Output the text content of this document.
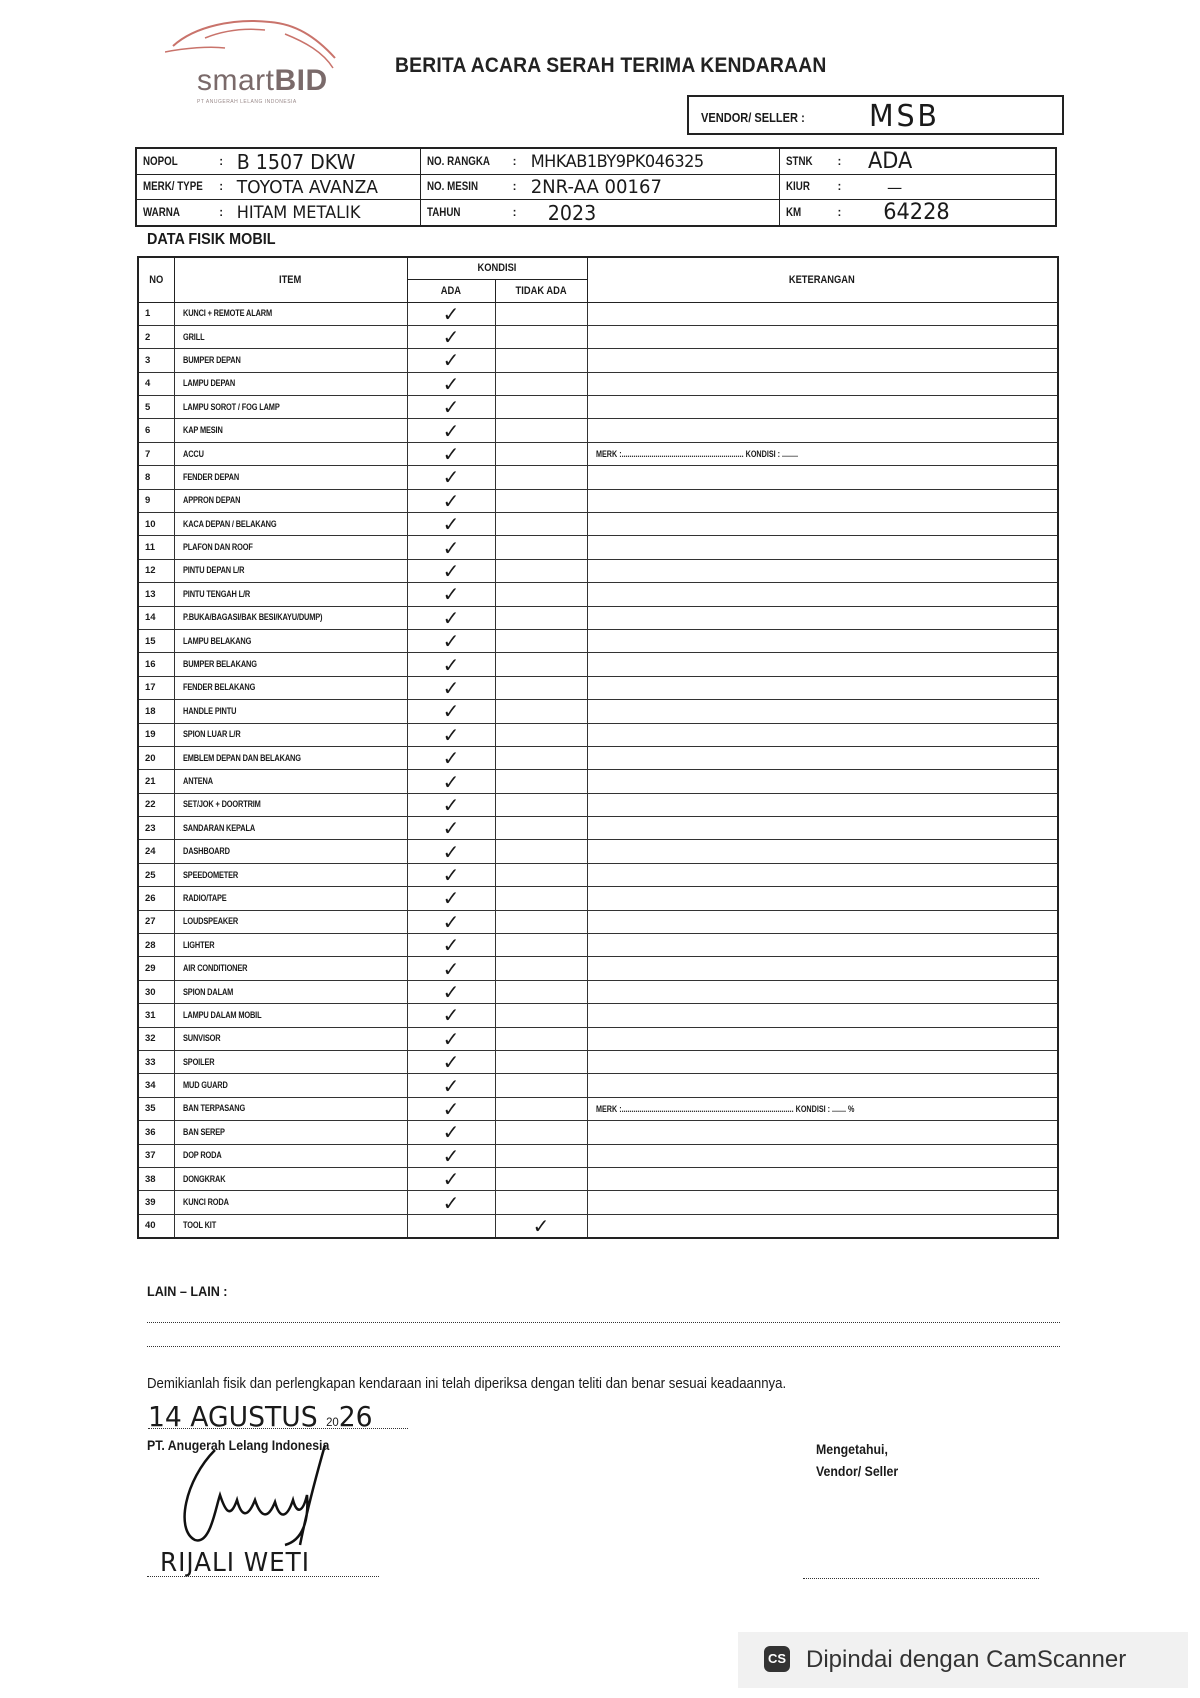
smartBID
PT ANUGERAH LELANG INDONESIA
BERITA ACARA SERAH TERIMA KENDARAAN
VENDOR/ SELLER : MSB
NOPOL	:	B 1507 DKW	NO. RANGKA	:	MHKAB1BY9PK046325	STNK	:	ADA
MERK/ TYPE	:	TOYOTA AVANZA	NO. MESIN	:	2NR-AA 00167	KIUR	:	—
WARNA	:	HITAM METALIK	TAHUN	:	2023	KM	:	64228
DATA FISIK MOBIL
NO	ITEM	KONDISI		KETERANGAN
		ADA	TIDAK ADA	
1	KUNCI + REMOTE ALARM	✓		
2	GRILL	✓		
3	BUMPER DEPAN	✓		
4	LAMPU DEPAN	✓		
5	LAMPU SOROT / FOG LAMP	✓		
6	KAP MESIN	✓		
7	ACCU	✓		MERK :............................................................. KONDISI : ........
8	FENDER DEPAN	✓		
9	APPRON DEPAN	✓		
10	KACA DEPAN / BELAKANG	✓		
11	PLAFON DAN ROOF	✓		
12	PINTU DEPAN L/R	✓		
13	PINTU TENGAH L/R	✓		
14	P.BUKA/BAGASI/BAK BESI/KAYU/DUMP)	✓		
15	LAMPU BELAKANG	✓		
16	BUMPER BELAKANG	✓		
17	FENDER BELAKANG	✓		
18	HANDLE PINTU	✓		
19	SPION LUAR L/R	✓		
20	EMBLEM DEPAN DAN BELAKANG	✓		
21	ANTENA	✓		
22	SET/JOK + DOORTRIM	✓		
23	SANDARAN KEPALA	✓		
24	DASHBOARD	✓		
25	SPEEDOMETER	✓		
26	RADIO/TAPE	✓		
27	LOUDSPEAKER	✓		
28	LIGHTER	✓		
29	AIR CONDITIONER	✓		
30	SPION DALAM	✓		
31	LAMPU DALAM MOBIL	✓		
32	SUNVISOR	✓		
33	SPOILER	✓		
34	MUD GUARD	✓		
35	BAN TERPASANG	✓		MERK :...................................................................................... KONDISI : ....... %
36	BAN SEREP	✓		
37	DOP RODA	✓		
38	DONGKRAK	✓		
39	KUNCI RODA	✓		
40	TOOL KIT		✓	
LAIN – LAIN :
Demikianlah fisik dan perlengkapan kendaraan ini telah diperiksa dengan teliti dan benar sesuai keadaannya.
14 AGUSTUS 2026
PT. Anugerah Lelang Indonesia
RIJALI WETI
Mengetahui,
Vendor/ Seller
CS Dipindai dengan CamScanner
